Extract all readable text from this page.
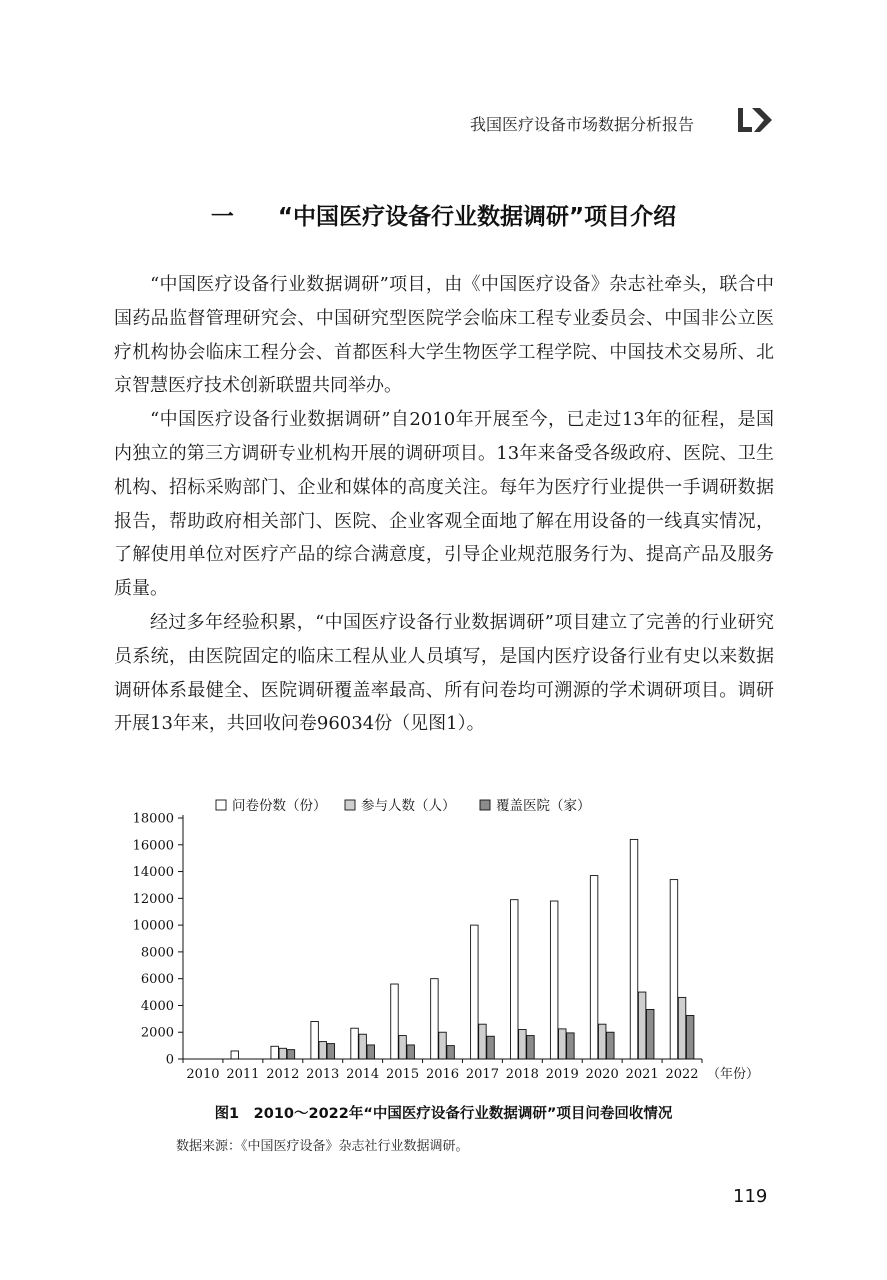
我国医疗设备市场数据分析报告
一 “中国医疗设备行业数据调研”项目介绍

“中国医疗设备行业数据调研”项目，由《中国医疗设备》杂志社牵头，联合中国药品监督管理研究会、中国研究型医院学会临床工程专业委员会、中国非公立医疗机构协会临床工程分会、首都医科大学生物医学工程学院、中国技术交易所、北京智慧医疗技术创新联盟共同举办。

“中国医疗设备行业数据调研”自2010年开展至今，已走过13年的征程，是国内独立的第三方调研专业机构开展的调研项目。13年来备受各级政府、医院、卫生机构、招标采购部门、企业和媒体的高度关注。每年为医疗行业提供一手调研数据报告，帮助政府相关部门、医院、企业客观全面地了解在用设备的一线真实情况，了解使用单位对医疗产品的综合满意度，引导企业规范服务行为、提高产品及服务质量。

经过多年经验积累，“中国医疗设备行业数据调研”项目建立了完善的行业研究员系统，由医院固定的临床工程从业人员填写，是国内医疗设备行业有史以来数据调研体系最健全、医院调研覆盖率最高、所有问卷均可溯源的学术调研项目。调研开展13年来，共回收问卷96034份（见图1）。

问卷份数（份）	参与人数（人）	覆盖医院（家）
0
2000
4000
6000
8000
10000
12000
14000
16000
18000
2010 2011 2012 2013 2014 2015 2016 2017 2018 2019 2020 2021 2022 （年份）
图1　2010～2022年“中国医疗设备行业数据调研”项目问卷回收情况
数据来源：《中国医疗设备》杂志社行业数据调研。
119
